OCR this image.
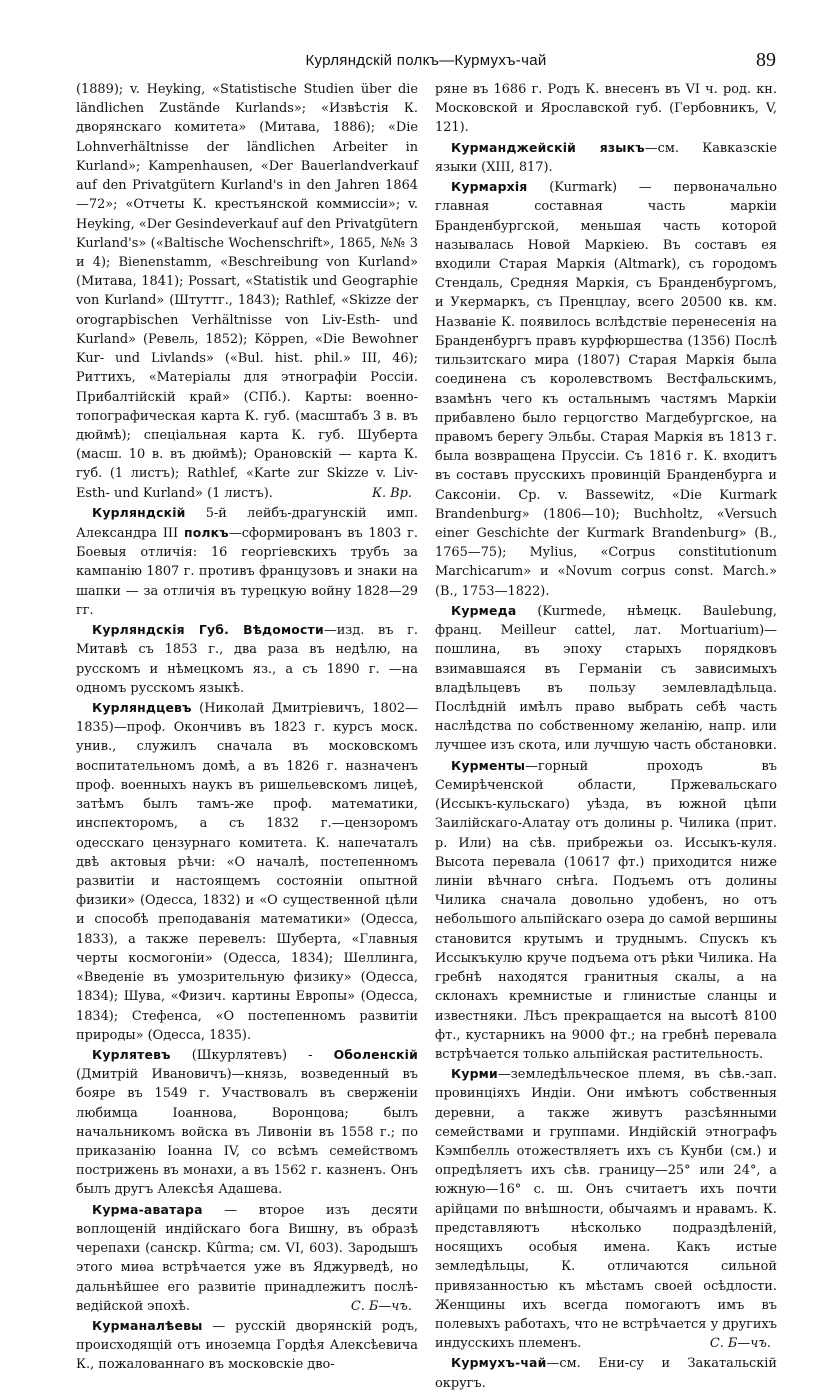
Курляндскій полкъ—Курмухъ-чай	89

(1889); v. Heyking, «Statistische Studien über die ländlichen Zustände Kurlands»; «Извѣстія К. дворянскаго комитета» (Митава, 1886); «Die Lohnverhältnisse der ländlichen Arbeiter in Kurland»; Kampenhausen, «Der Bauerlandverkauf auf den Privatgütern Kurland's in den Jahren 1864—72»; «Отчеты К. крестьянской коммиссіи»; v. Heyking, «Der Gesindeverkauf auf den Privatgütern Kurland's» («Baltische Wochenschrift», 1865, №№ 3 и 4); Bienenstamm, «Beschreibung von Kurland» (Митава, 1841); Possart, «Statistik und Geographie von Kurland» (Штуттг., 1843); Rathlef, «Skizze der orograpbischen Verhältnisse von Liv-Esth- und Kurland» (Ревель, 1852); Köppen, «Die Bewohner Kur- und Livlands» («Bul. hist. phil.» III, 46); Риттихъ, «Матеріалы для этнографіи Россіи. Прибалтійскій край» (СПб.). Карты: военно-топографическая карта К. губ. (масштабъ 3 в. въ дюймѣ); спеціальная карта К. губ. Шуберта (масш. 10 в. въ дюймѣ); Орановскій — карта К. губ. (1 листъ); Rathlef, «Karte zur Skizze v. Liv-Esth- und Kurland» (1 листъ).	К. Вр.

Курляндскій 5-й лейбъ-драгунскій имп. Александра III полкъ—сформированъ въ 1803 г. Боевыя отличія: 16 георгіевскихъ трубъ за кампанію 1807 г. противъ французовъ и знаки на шапки — за отличія въ турецкую войну 1828—29 гг.

Курляндскія Губ. Вѣдомости—изд. въ г. Митавѣ съ 1853 г., два раза въ недѣлю, на русскомъ и нѣмецкомъ яз., а съ 1890 г. —на одномъ русскомъ языкѣ.

Курляндцевъ (Николай Дмитріевичъ, 1802—1835)—проф. Окончивъ въ 1823 г. курсъ моск. унив., служилъ сначала въ московскомъ воспитательномъ домѣ, а въ 1826 г. назначенъ проф. военныхъ наукъ въ ришельевскомъ лицеѣ, затѣмъ былъ тамъ-же проф. математики, инспекторомъ, а съ 1832 г.—цензоромъ одесскаго цензурнаго комитета. К. напечаталъ двѣ актовыя рѣчи: «О началѣ, постепенномъ развитіи и настоящемъ состояніи опытной физики» (Одесса, 1832) и «О существенной цѣли и способѣ преподаванія математики» (Одесса, 1833), а также перевелъ: Шуберта, «Главныя черты космогоніи» (Одесса, 1834); Шеллинга, «Введеніе въ умозрительную физику» (Одесса, 1834); Шува, «Физич. картины Европы» (Одесса, 1834); Стефенса, «О постепенномъ развитіи природы» (Одесса, 1835).

Курлятевъ (Шкурлятевъ) - Оболенскій (Дмитрій Ивановичъ)—князь, возведенный въ бояре въ 1549 г. Участвовалъ въ сверженіи любимца Іоаннова, Воронцова; былъ начальникомъ войска въ Ливоніи въ 1558 г.; по приказанію Іоанна IV, со всѣмъ семействомъ пострижень въ монахи, а въ 1562 г. казненъ. Онъ былъ другъ Алексѣя Адашева.

Курма-аватара — второе изъ десяти воплощеній индійскаго бога Вишну, въ образѣ черепахи (санскр. Kûrma; см. VI, 603). Зародышъ этого миѳа встрѣчается уже въ Яджурведѣ, но дальнѣйшее его развитіе принадлежитъ послѣ-ведійской эпохѣ.	С. Б—чъ.

Курманалѣевы — русскій дворянскій родъ, происходящій отъ иноземца Гордѣя Алексѣевича К., пожалованнаго въ московскіе дво-

ряне въ 1686 г. Родъ К. внесенъ въ VI ч. род. кн. Московской и Ярославской губ. (Гербовникъ, V, 121).

Курманджейскій языкъ—см. Кавказскіе языки (XIII, 817).

Курмархія (Kurmark) — первоначально главная составная часть маркіи Бранденбургской, меньшая часть которой называлась Новой Маркіею. Въ составъ ея входили Старая Маркія (Altmark), съ городомъ Стендаль, Средняя Маркія, съ Бранденбургомъ, и Укермаркъ, съ Пренцлау, всего 20500 кв. км. Названіе К. появилось вслѣдствіе перенесенія на Бранденбургъ правъ курфюршества (1356) Послѣ тильзитскаго мира (1807) Старая Маркія была соединена съ королевствомъ Вестфальскимъ, взамѣнъ чего къ остальнымъ частямъ Маркіи прибавлено было герцогство Магдебургское, на правомъ берегу Эльбы. Старая Маркія въ 1813 г. была возвращена Пруссіи. Съ 1816 г. К. входитъ въ составъ прусскихъ провинцій Бранденбурга и Саксоніи. Ср. v. Bassewitz, «Die Kurmark Brandenburg» (1806—10); Buchholtz, «Versuch einer Geschichte der Kurmark Brandenburg» (B., 1765—75); Mylius, «Corpus constitutionum Marchicarum» и «Novum corpus const. March.» (B., 1753—1822).

Курмеда (Kurmede, нѣмецк. Baulebung, франц. Meilleur cattel, лат. Mortuarium)—пошлина, въ эпоху старыхъ порядковъ взимавшаяся въ Германіи съ зависимыхъ владѣльцевъ въ пользу землевладѣльца. Послѣдній имѣлъ право выбрать себѣ часть наслѣдства по собственному желанію, напр. или лучшее изъ скота, или лучшую часть обстановки.

Курменты—горный проходъ въ Семирѣченской области, Пржевальскаго (Иссыкъ-кульскаго) уѣзда, въ южной цѣпи Заилійскаго-Алатау отъ долины р. Чилика (прит. р. Или) на сѣв. прибрежьи оз. Иссыкъ-куля. Высота перевала (10617 фт.) приходится ниже линіи вѣчнаго снѣга. Подъемъ отъ долины Чилика сначала довольно удобенъ, но отъ небольшого альпійскаго озера до самой вершины становится крутымъ и труднымъ. Спускъ къ Иссыкъкулю круче подъема отъ рѣки Чилика. На гребнѣ находятся гранитныя скалы, а на склонахъ кремнистые и глинистые сланцы и известняки. Лѣсъ прекращается на высотѣ 8100 фт., кустарникъ на 9000 фт.; на гребнѣ перевала встрѣчается только альпійская растительность.

Курми—земледѣльческое племя, въ сѣв.-зап. провинціяхъ Индіи. Они имѣютъ собственныя деревни, а также живутъ разсѣянными семействами и группами. Индійскій этнографъ Кэмпбелль отожествляетъ ихъ съ Кунби (см.) и опредѣляетъ ихъ сѣв. границу—25° или 24°, а южную—16° с. ш. Онъ считаетъ ихъ почти арійцами по внѣшности, обычаямъ и нравамъ. К. представляютъ нѣсколько подраздѣленій, носящихъ особыя имена. Какъ истые земледѣльцы, К. отличаются сильной привязанностью къ мѣстамъ своей осѣдлости. Женщины ихъ всегда помогаютъ имъ въ полевыхъ работахъ, что не встрѣчается у другихъ индусскихъ племенъ.	С. Б—чъ.

Курмухъ-чай—см. Ени-су и Закатальскій округъ.
